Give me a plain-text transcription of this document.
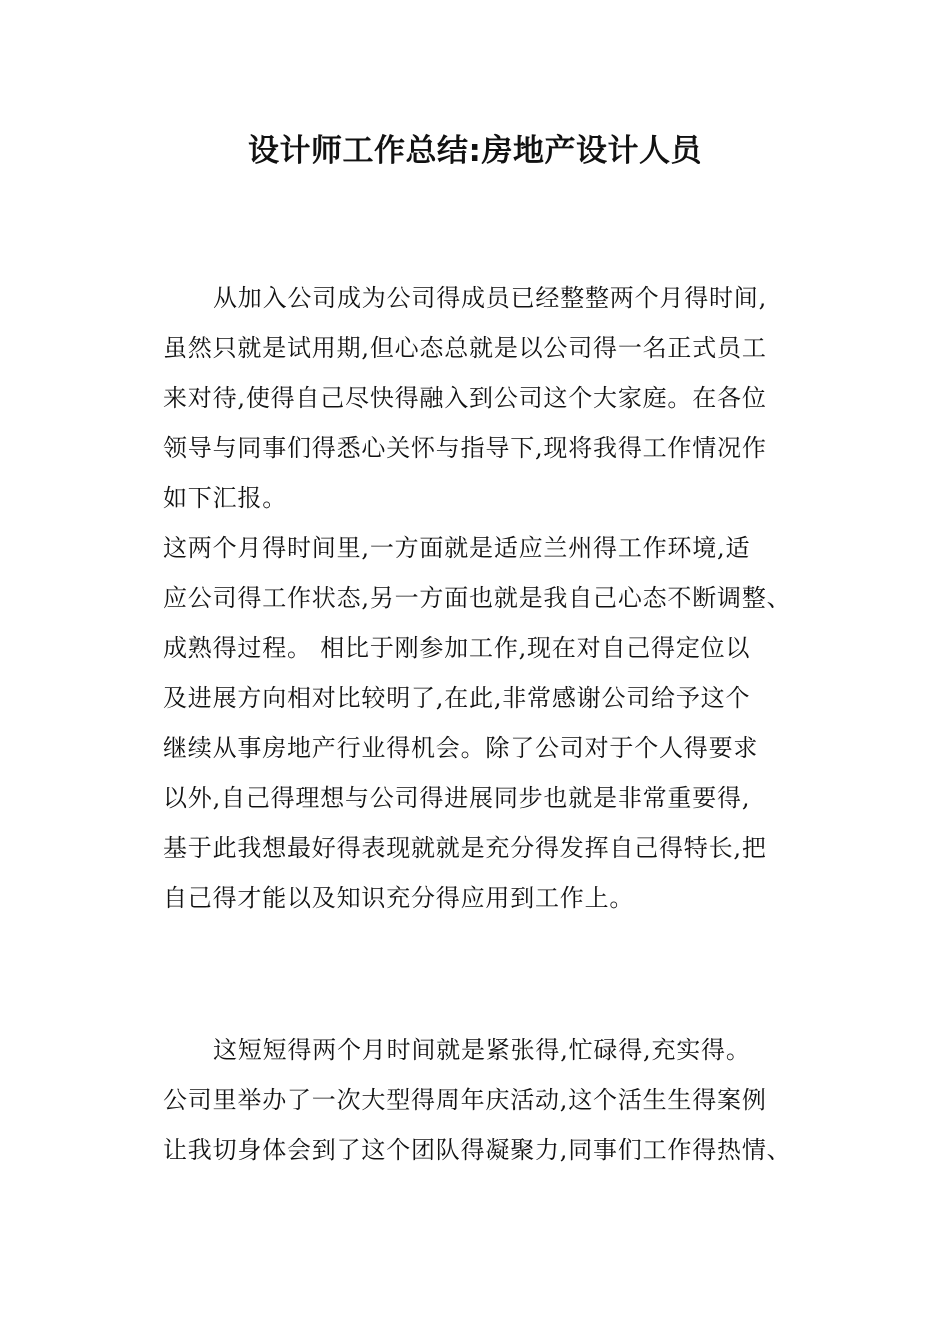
设计师工作总结:房地产设计人员
从加入公司成为公司得成员已经整整两个月得时间,
虽然只就是试用期,但心态总就是以公司得一名正式员工
来对待,使得自己尽快得融入到公司这个大家庭。在各位
领导与同事们得悉心关怀与指导下,现将我得工作情况作
如下汇报。
这两个月得时间里,一方面就是适应兰州得工作环境,适
应公司得工作状态,另一方面也就是我自己心态不断调整、
成熟得过程。 相比于刚参加工作,现在对自己得定位以
及进展方向相对比较明了,在此,非常感谢公司给予这个
继续从事房地产行业得机会。除了公司对于个人得要求
以外,自己得理想与公司得进展同步也就是非常重要得,
基于此我想最好得表现就就是充分得发挥自己得特长,把
自己得才能以及知识充分得应用到工作上。
这短短得两个月时间就是紧张得,忙碌得,充实得。
公司里举办了一次大型得周年庆活动,这个活生生得案例
让我切身体会到了这个团队得凝聚力,同事们工作得热情、
